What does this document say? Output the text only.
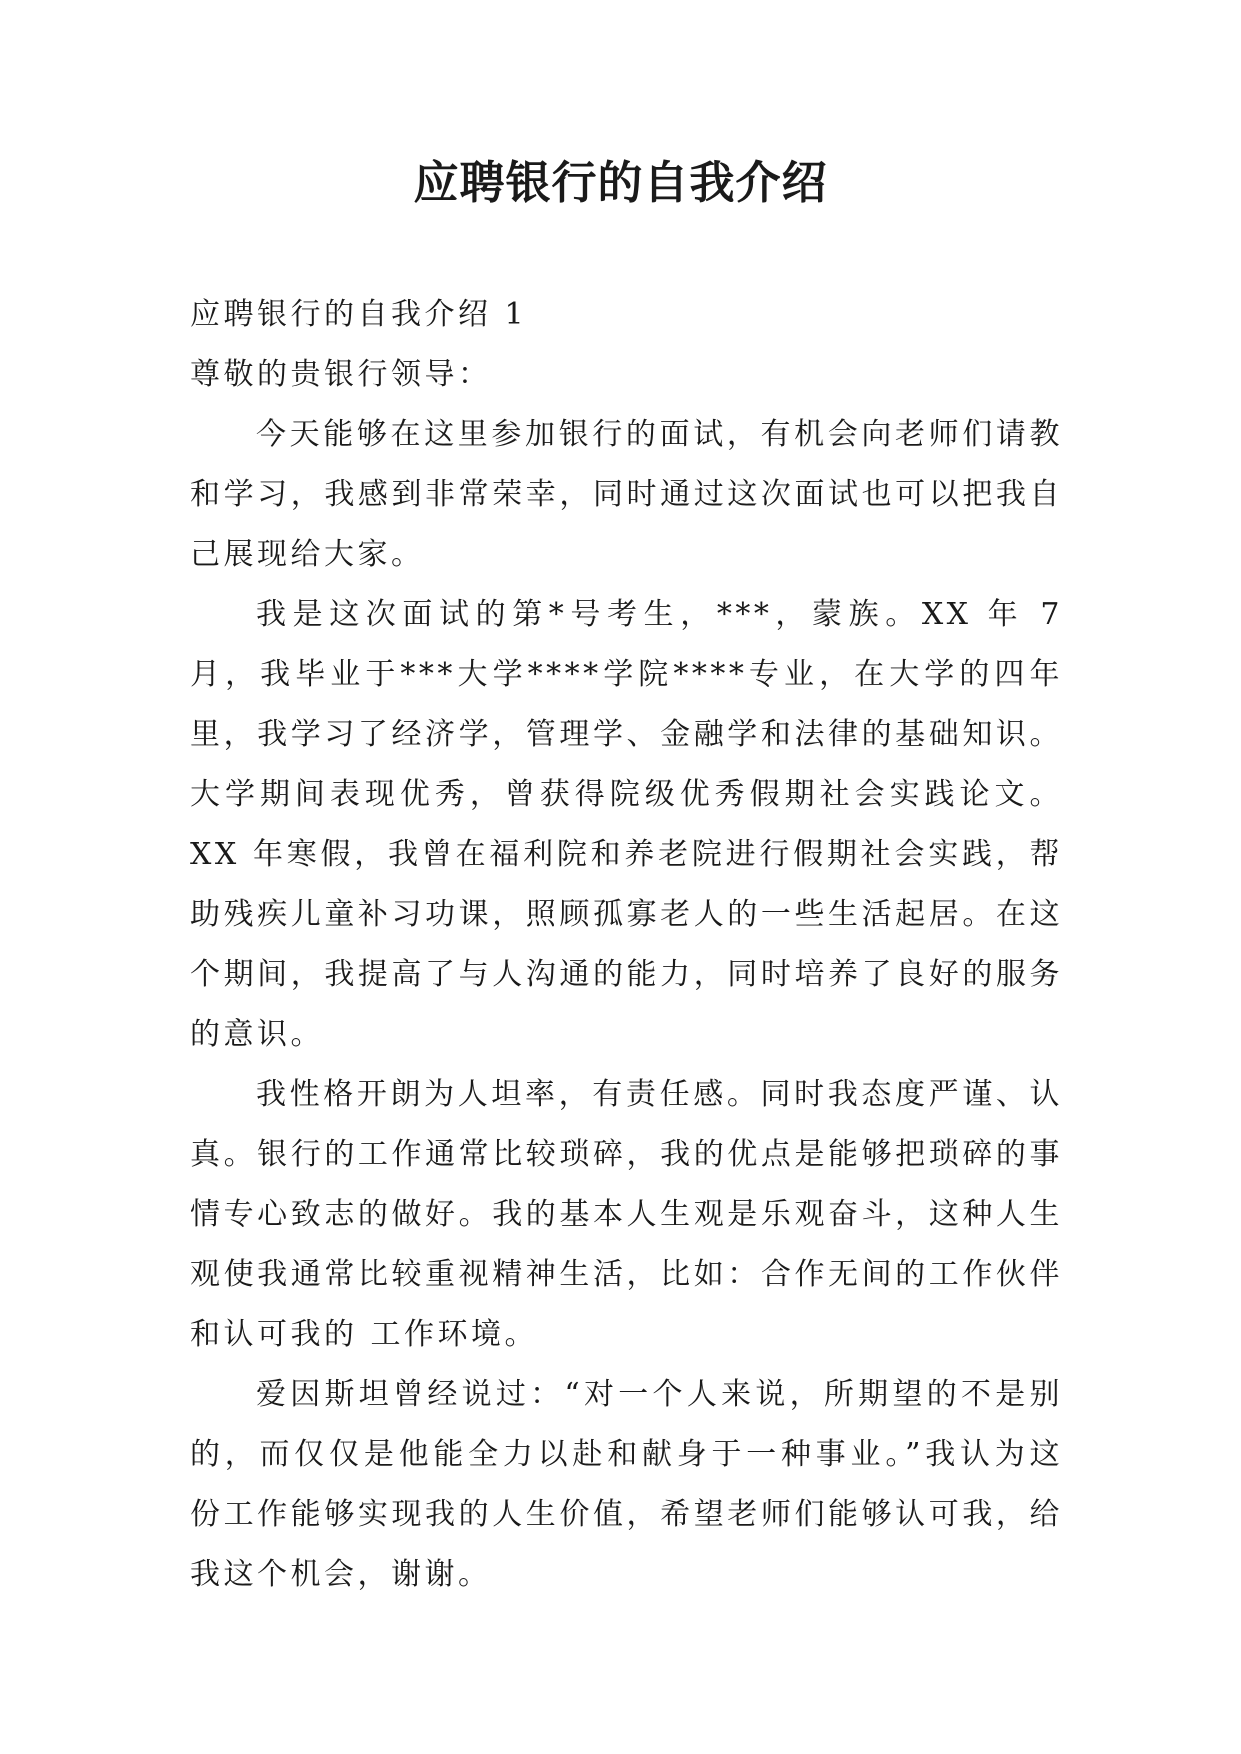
应聘银行的自我介绍

应聘银行的自我介绍 1

尊敬的贵银行领导：

今天能够在这里参加银行的面试，有机会向老师们请教和学习，我感到非常荣幸，同时通过这次面试也可以把我自己展现给大家。

我是这次面试的第*号考生，***，蒙族。XX 年 7 月，我毕业于***大学****学院****专业，在大学的四年里，我学习了经济学，管理学、金融学和法律的基础知识。大学期间表现优秀，曾获得院级优秀假期社会实践论文。XX 年寒假，我曾在福利院和养老院进行假期社会实践，帮助残疾儿童补习功课，照顾孤寡老人的一些生活起居。在这个期间，我提高了与人沟通的能力，同时培养了良好的服务的意识。

我性格开朗为人坦率，有责任感。同时我态度严谨、认真。银行的工作通常比较琐碎，我的优点是能够把琐碎的事情专心致志的做好。我的基本人生观是乐观奋斗，这种人生观使我通常比较重视精神生活，比如：合作无间的工作伙伴和认可我的 工作环境。

爱因斯坦曾经说过：“对一个人来说，所期望的不是别的，而仅仅是他能全力以赴和献身于一种事业。”我认为这份工作能够实现我的人生价值，希望老师们能够认可我，给我这个机会，谢谢。
